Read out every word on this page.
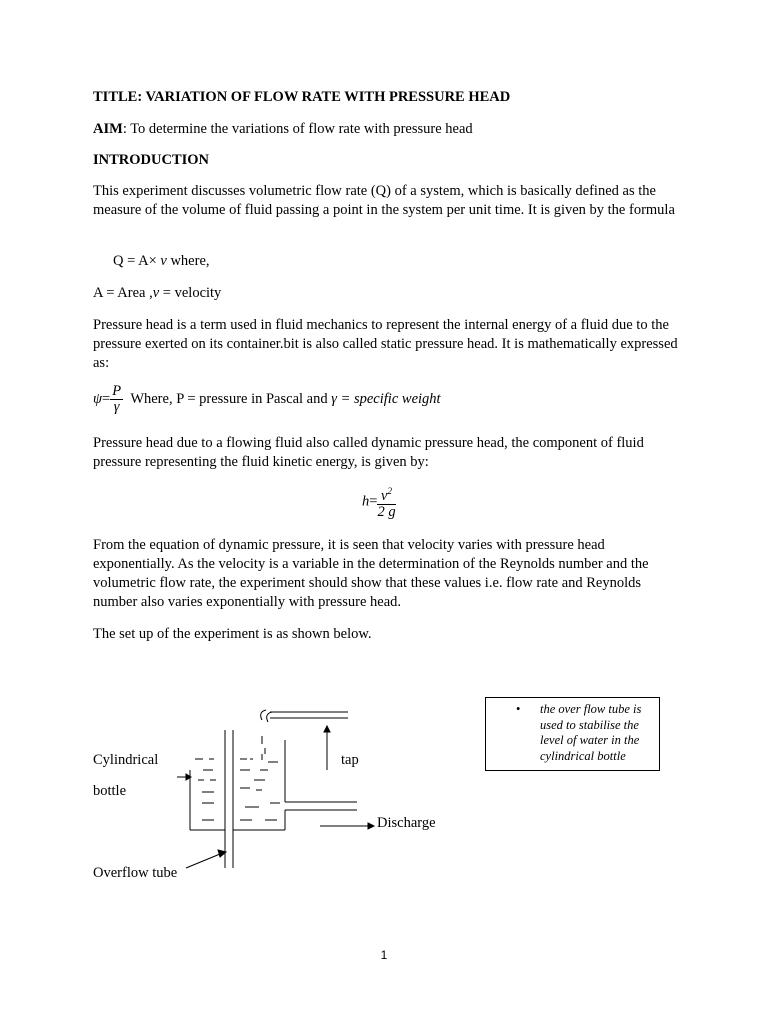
TITLE: VARIATION OF FLOW RATE WITH PRESSURE HEAD
AIM: To determine the variations of flow rate with pressure head
INTRODUCTION
This experiment discusses volumetric flow rate (Q) of a system, which is basically defined as the measure of the volume of fluid passing a point in the system per unit time. It is given by the formula
Q = A× v where,
A = Area ,v = velocity
Pressure head is a term used in fluid mechanics to represent the internal energy of a fluid due to the pressure exerted on its container.bit is also called static pressure head. It is mathematically expressed as:
$\psi= \frac{P}{\gamma}$ Where, P = pressure in Pascal and γ = specific weight
Pressure head due to a flowing fluid also called dynamic pressure head, the component of fluid pressure representing the fluid kinetic energy, is given by:
$h= \frac{v^2}{2 g}$
From the equation of dynamic pressure, it is seen that velocity varies with pressure head exponentially. As the velocity is a variable in the determination of the Reynolds number and the volumetric flow rate, the experiment should show that these values i.e. flow rate and Reynolds number also varies exponentially with pressure head.
The set up of the experiment is as shown below.
Cylindrical
bottle
tap
Discharge
Overflow tube
• the over flow tube is used to stabilise the level of water in the cylindrical bottle
1
